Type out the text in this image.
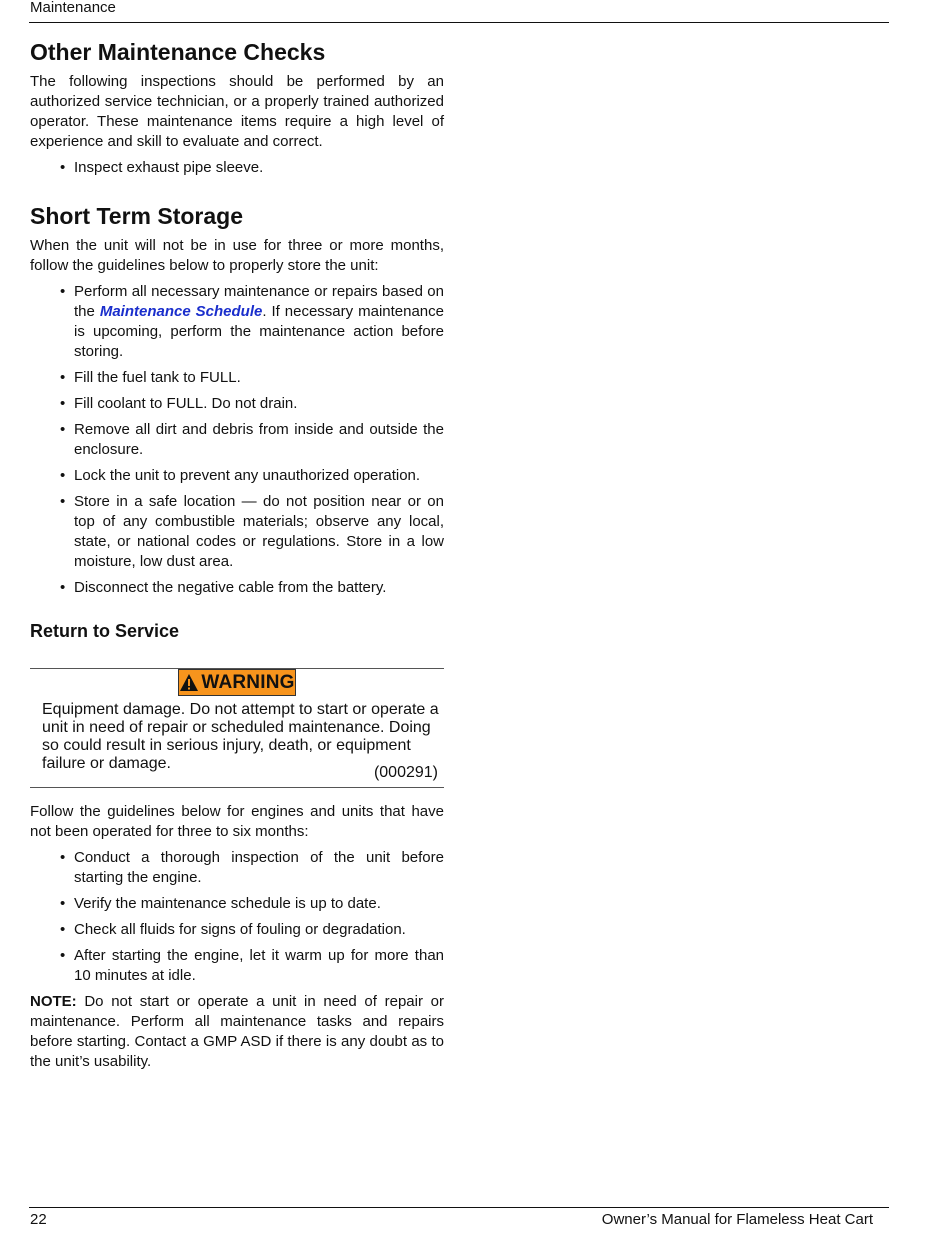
Maintenance
Other Maintenance Checks

The following inspections should be performed by an authorized service technician, or a properly trained authorized operator. These maintenance items require a high level of experience and skill to evaluate and correct.

• Inspect exhaust pipe sleeve.
Short Term Storage

When the unit will not be in use for three or more months, follow the guidelines below to properly store the unit:

• Perform all necessary maintenance or repairs based on the Maintenance Schedule. If necessary maintenance is upcoming, perform the maintenance action before storing.
• Fill the fuel tank to FULL.
• Fill coolant to FULL. Do not drain.
• Remove all dirt and debris from inside and outside the enclosure.
• Lock the unit to prevent any unauthorized operation.
• Store in a safe location — do not position near or on top of any combustible materials; observe any local, state, or national codes or regulations. Store in a low moisture, low dust area.
• Disconnect the negative cable from the battery.
Return to Service
WARNING
Equipment damage. Do not attempt to start or operate a unit in need of repair or scheduled maintenance. Doing so could result in serious injury, death, or equipment failure or damage.
(000291)

Follow the guidelines below for engines and units that have not been operated for three to six months:

• Conduct a thorough inspection of the unit before starting the engine.
• Verify the maintenance schedule is up to date.
• Check all fluids for signs of fouling or degradation.
• After starting the engine, let it warm up for more than 10 minutes at idle.

NOTE: Do not start or operate a unit in need of repair or maintenance. Perform all maintenance tasks and repairs before starting. Contact a GMP ASD if there is any doubt as to the unit’s usability.

22	Owner’s Manual for Flameless Heat Cart
